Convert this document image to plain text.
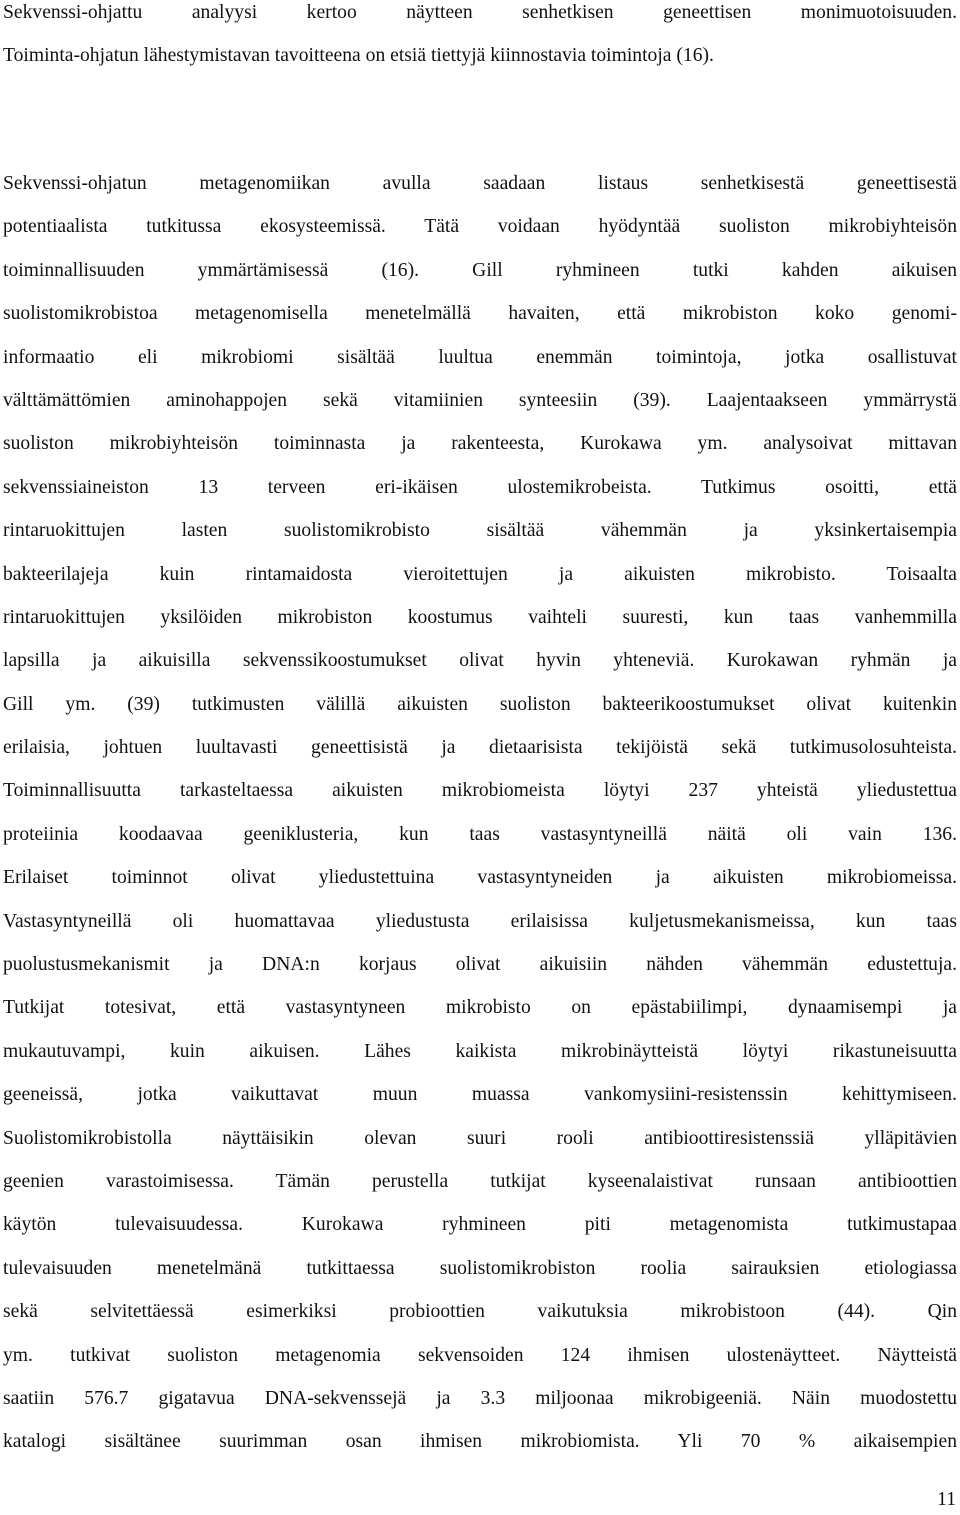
Sekvenssi-ohjattu analyysi kertoo näytteen senhetkisen geneettisen monimuotoisuuden.
Toiminta-ohjatun lähestymistavan tavoitteena on etsiä tiettyjä kiinnostavia toimintoja (16).
Sekvenssi-ohjatun metagenomiikan avulla saadaan listaus senhetkisestä geneettisestä
potentiaalista tutkitussa ekosysteemissä. Tätä voidaan hyödyntää suoliston mikrobiyhteisön
toiminnallisuuden ymmärtämisessä (16). Gill ryhmineen tutki kahden aikuisen
suolistomikrobistoa metagenomisella menetelmällä havaiten, että mikrobiston koko genomi-
informaatio eli mikrobiomi sisältää luultua enemmän toimintoja, jotka osallistuvat
välttämättömien aminohappojen sekä vitamiinien synteesiin (39). Laajentaakseen ymmärrystä
suoliston mikrobiyhteisön toiminnasta ja rakenteesta, Kurokawa ym. analysoivat mittavan
sekvenssiaineiston 13 terveen eri-ikäisen ulostemikrobeista. Tutkimus osoitti, että
rintaruokittujen lasten suolistomikrobisto sisältää vähemmän ja yksinkertaisempia
bakteerilajeja kuin rintamaidosta vieroitettujen ja aikuisten mikrobisto. Toisaalta
rintaruokittujen yksilöiden mikrobiston koostumus vaihteli suuresti, kun taas vanhemmilla
lapsilla ja aikuisilla sekvenssikoostumukset olivat hyvin yhteneviä. Kurokawan ryhmän ja
Gill ym. (39) tutkimusten välillä aikuisten suoliston bakteerikoostumukset olivat kuitenkin
erilaisia, johtuen luultavasti geneettisistä ja dietaarisista tekijöistä sekä tutkimusolosuhteista.
Toiminnallisuutta tarkasteltaessa aikuisten mikrobiomeista löytyi 237 yhteistä yliedustettua
proteiinia koodaavaa geeniklusteria, kun taas vastasyntyneillä näitä oli vain 136.
Erilaiset toiminnot olivat yliedustettuina vastasyntyneiden ja aikuisten mikrobiomeissa.
Vastasyntyneillä oli huomattavaa yliedustusta erilaisissa kuljetusmekanismeissa, kun taas
puolustusmekanismit ja DNA:n korjaus olivat aikuisiin nähden vähemmän edustettuja.
Tutkijat totesivat, että vastasyntyneen mikrobisto on epästabiilimpi, dynaamisempi ja
mukautuvampi, kuin aikuisen. Lähes kaikista mikrobinäytteistä löytyi rikastuneisuutta
geeneissä, jotka vaikuttavat muun muassa vankomysiini-resistenssin kehittymiseen.
Suolistomikrobistolla näyttäisikin olevan suuri rooli antibioottiresistenssiä ylläpitävien
geenien varastoimisessa. Tämän perustella tutkijat kyseenalaistivat runsaan antibioottien
käytön tulevaisuudessa. Kurokawa ryhmineen piti metagenomista tutkimustapaa
tulevaisuuden menetelmänä tutkittaessa suolistomikrobiston roolia sairauksien etiologiassa
sekä selvitettäessä esimerkiksi probioottien vaikutuksia mikrobistoon (44). Qin
ym. tutkivat suoliston metagenomia sekvensoiden 124 ihmisen ulostenäytteet. Näytteistä
saatiin 576.7 gigatavua DNA-sekvenssejä ja 3.3 miljoonaa mikrobigeeniä. Näin muodostettu
katalogi sisältänee suurimman osan ihmisen mikrobiomista. Yli 70 % aikaisempien
11
